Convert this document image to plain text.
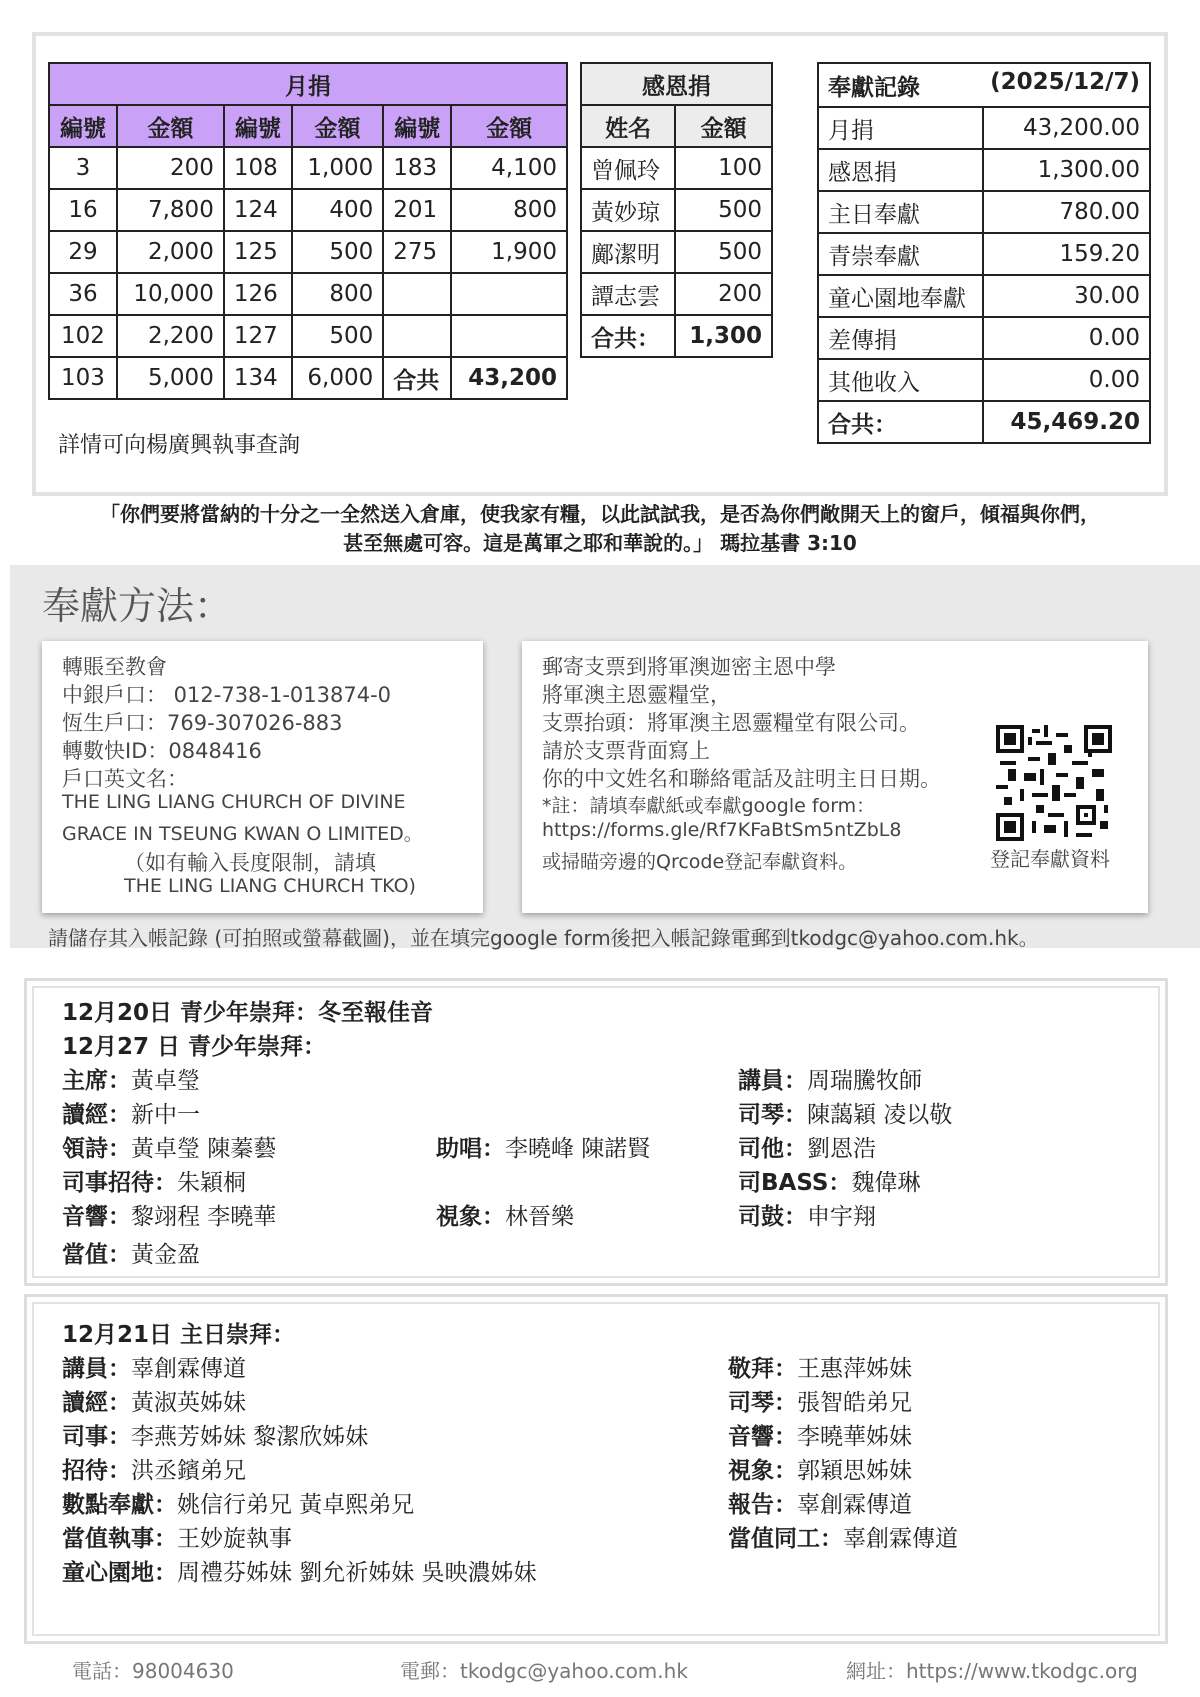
月捐					
編號	金額	編號	金額	編號	金額
3	200	108	1,000	183	4,100
16	7,800	124	400	201	800
29	2,000	125	500	275	1,900
36	10,000	126	800		
102	2,200	127	500		
103	5,000	134	6,000	合共	43,200
感恩捐	
姓名	金額
曾佩玲	100
黃妙琼	500
鄺潔明	500
譚志雲	200
合共：	1,300
奉獻記錄 (2025/12/7)	

月捐	43,200.00
感恩捐	1,300.00
主日奉獻	780.00
青崇奉獻	159.20
童心園地奉獻	30.00
差傳捐	0.00
其他收入	0.00
合共：	45,469.20
詳情可向楊廣興執事查詢
「你們要將當納的十分之一全然送入倉庫，使我家有糧，以此試試我，是否為你們敞開天上的窗戶，傾福與你們，
甚至無處可容。這是萬軍之耶和華說的。」 瑪拉基書 3:10
奉獻方法：
轉賬至教會
中銀戶口： 012-738-1-013874-0
恆生戶口：769-307026-883
轉數快ID：0848416
戶口英文名：
THE LING LIANG CHURCH OF DIVINE
GRACE IN TSEUNG KWAN O LIMITED。
（如有輸入長度限制，請填
THE LING LIANG CHURCH TKO)
郵寄支票到將軍澳迦密主恩中學
將軍澳主恩靈糧堂，
支票抬頭：將軍澳主恩靈糧堂有限公司。
請於支票背面寫上
你的中文姓名和聯絡電話及註明主日日期。
*註：請填奉獻紙或奉獻google form：
https://forms.gle/Rf7KFaBtSm5ntZbL8
或掃瞄旁邊的Qrcode登記奉獻資料。	登記奉獻資料
請儲存其入帳記錄 (可拍照或螢幕截圖)，並在填完google form後把入帳記錄電郵到tkodgc@yahoo.com.hk。
12月20日 青少年崇拜：冬至報佳音
12月27 日 青少年崇拜：
主席：黃卓瑩
讀經：新中一
領詩：黃卓瑩 陳蓁藝
司事招待：朱穎桐
音響：黎翊程 李曉華
當值：黃金盈
助唱：李曉峰 陳諾賢
視象：林晉樂
講員：周瑞騰牧師
司琴：陳藹穎 凌以敬
司他：劉恩浩
司BASS：魏偉琳
司鼓：申宇翔
12月21日 主日崇拜：
講員：辜創霖傳道
讀經：黃淑英姊妹
司事：李燕芳姊妹 黎潔欣姊妹
招待：洪丞鑌弟兄
數點奉獻：姚信行弟兄 黃卓熙弟兄
當值執事：王妙旋執事
童心園地：周禮芬姊妹 劉允祈姊妹 吳映濃姊妹
敬拜：王惠萍姊妹
司琴：張智皓弟兄
音響：李曉華姊妹
視象：郭穎思姊妹
報告：辜創霖傳道
當值同工：辜創霖傳道
電話：98004630	電郵：tkodgc@yahoo.com.hk	網址：https://www.tkodgc.org
